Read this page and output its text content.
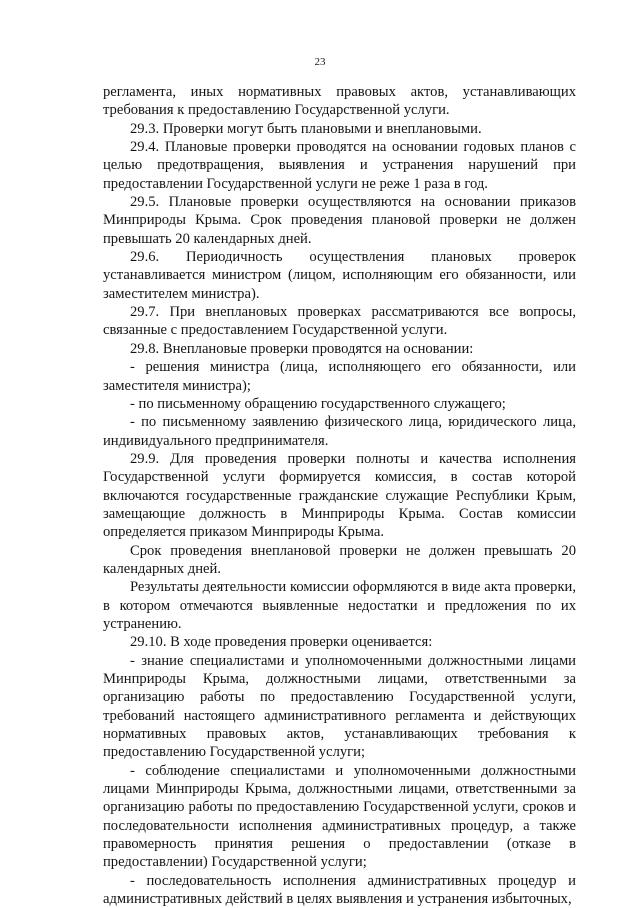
23

регламента, иных нормативных правовых актов, устанавливающих требования к предоставлению Государственной услуги.

29.3. Проверки могут быть плановыми и внеплановыми.

29.4. Плановые проверки проводятся на основании годовых планов с целью предотвращения, выявления и устранения нарушений при предоставлении Государственной услуги не реже 1 раза в год.

29.5. Плановые проверки осуществляются на основании приказов Минприроды Крыма. Срок проведения плановой проверки не должен превышать 20 календарных дней.

29.6. Периодичность осуществления плановых проверок устанавливается министром (лицом, исполняющим его обязанности, или заместителем министра).

29.7. При внеплановых проверках рассматриваются все вопросы, связанные с предоставлением Государственной услуги.

29.8. Внеплановые проверки проводятся на основании:

- решения министра (лица, исполняющего его обязанности, или заместителя министра);

- по письменному обращению государственного служащего;

- по письменному заявлению физического лица, юридического лица, индивидуального предпринимателя.

29.9. Для проведения проверки полноты и качества исполнения Государственной услуги формируется комиссия, в состав которой включаются государственные гражданские служащие Республики Крым, замещающие должность в Минприроды Крыма. Состав комиссии определяется приказом Минприроды Крыма.

Срок проведения внеплановой проверки не должен превышать 20 календарных дней.

Результаты деятельности комиссии оформляются в виде акта проверки, в котором отмечаются выявленные недостатки и предложения по их устранению.

29.10. В ходе проведения проверки оценивается:

- знание специалистами и уполномоченными должностными лицами Минприроды Крыма, должностными лицами, ответственными за организацию работы по предоставлению Государственной услуги, требований настоящего административного регламента и действующих нормативных правовых актов, устанавливающих требования к предоставлению Государственной услуги;

- соблюдение специалистами и уполномоченными должностными лицами Минприроды Крыма, должностными лицами, ответственными за организацию работы по предоставлению Государственной услуги, сроков и последовательности исполнения административных процедур, а также правомерность принятия решения о предоставлении (отказе в предоставлении) Государственной услуги;

- последовательность исполнения административных процедур и административных действий в целях выявления и устранения избыточных,
